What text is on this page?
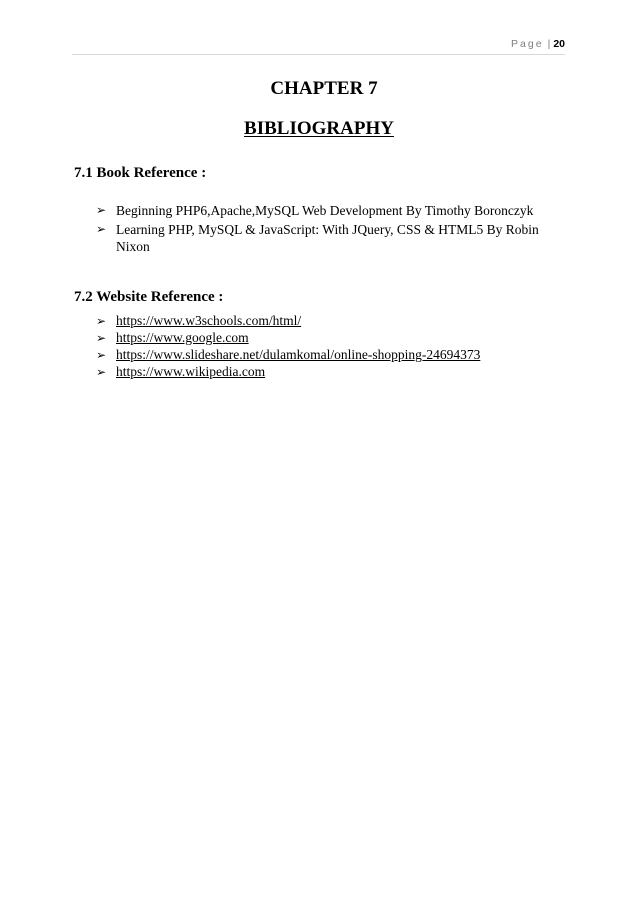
Page | 20
CHAPTER 7
BIBLIOGRAPHY
7.1 Book Reference :
➢ Beginning PHP6,Apache,MySQL Web Development By Timothy Boronczyk
➢ Learning PHP, MySQL & JavaScript: With JQuery, CSS & HTML5 By Robin Nixon
7.2 Website Reference :
➢ https://www.w3schools.com/html/
➢ https://www.google.com
➢ https://www.slideshare.net/dulamkomal/online-shopping-24694373
➢ https://www.wikipedia.com
